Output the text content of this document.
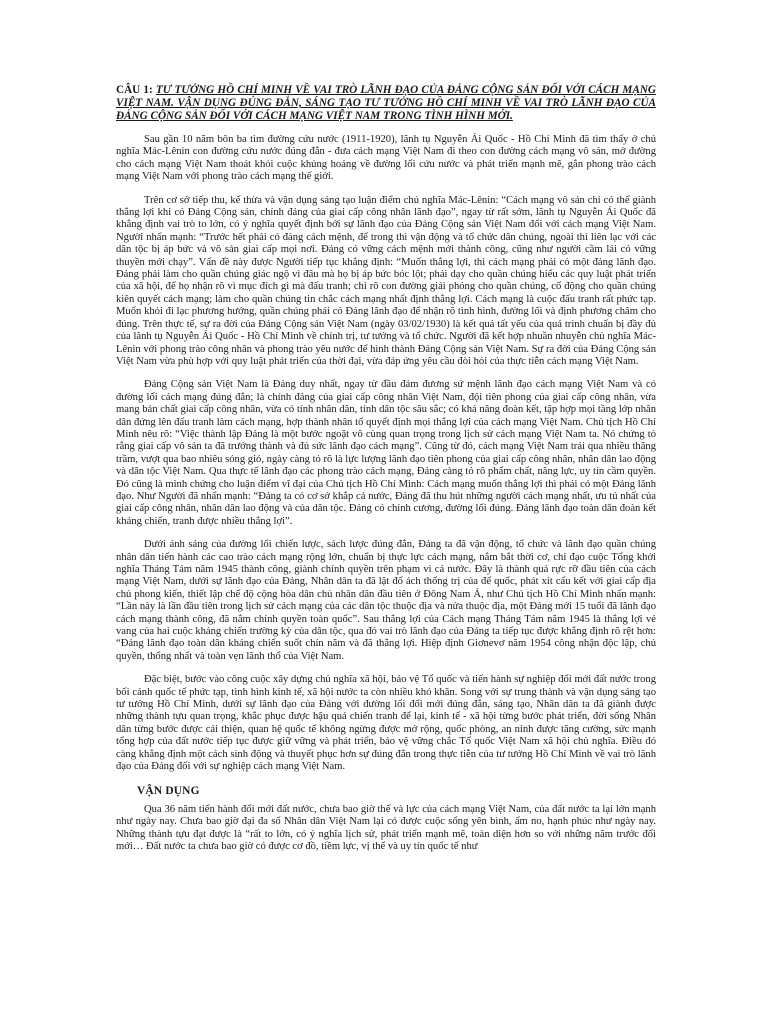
CÂU 1: TƯ TƯỞNG HỒ CHÍ MINH VỀ VAI TRÒ LÃNH ĐẠO CỦA ĐẢNG CỘNG SẢN ĐỐI VỚI CÁCH MẠNG VIỆT NAM. VẬN DỤNG ĐÚNG ĐẮN, SÁNG TẠO TƯ TƯỞNG HỒ CHÍ MINH VỀ VAI TRÒ LÃNH ĐẠO CỦA ĐẢNG CỘNG SẢN ĐỐI VỚI CÁCH MẠNG VIỆT NAM TRONG TÌNH HÌNH MỚI.

Sau gần 10 năm bôn ba tìm đường cứu nước (1911-1920), lãnh tụ Nguyễn Ái Quốc - Hồ Chí Minh đã tìm thấy ở chủ nghĩa Mác-Lênin con đường cứu nước đúng đắn - đưa cách mạng Việt Nam đi theo con đường cách mạng vô sản, mở đường cho cách mạng Việt Nam thoát khỏi cuộc khủng hoảng về đường lối cứu nước và phát triển mạnh mẽ, gắn phong trào cách mạng Việt Nam với phong trào cách mạng thế giới.

Trên cơ sở tiếp thu, kế thừa và vận dụng sáng tạo luận điểm chủ nghĩa Mác-Lênin: “Cách mạng vô sản chỉ có thể giành thắng lợi khi có Đảng Cộng sản, chính đảng của giai cấp công nhân lãnh đạo”, ngay từ rất sớm, lãnh tụ Nguyễn Ái Quốc đã khẳng định vai trò to lớn, có ý nghĩa quyết định bởi sự lãnh đạo của Đảng Cộng sản Việt Nam đối với cách mạng Việt Nam. Người nhấn mạnh: “Trước hết phải có đảng cách mệnh, để trong thì vận động và tổ chức dân chúng, ngoài thì liên lạc với các dân tộc bị áp bức và vô sản giai cấp mọi nơi. Đảng có vững cách mệnh mới thành công, cũng như người cầm lái có vững thuyền mới chạy”. Vấn đề này được Người tiếp tục khẳng định: “Muốn thắng lợi, thì cách mạng phải có một đảng lãnh đạo. Đảng phải làm cho quần chúng giác ngộ vì đâu mà họ bị áp bức bóc lột; phải dạy cho quần chúng hiểu các quy luật phát triển của xã hội, để họ nhận rõ vì mục đích gì mà đấu tranh; chỉ rõ con đường giải phóng cho quần chúng, cổ động cho quần chúng kiên quyết cách mạng; làm cho quần chúng tin chắc cách mạng nhất định thắng lợi. Cách mạng là cuộc đấu tranh rất phức tạp. Muốn khỏi đi lạc phương hướng, quần chúng phải có Đảng lãnh đạo để nhận rõ tình hình, đường lối và định phương châm cho đúng. Trên thực tế, sự ra đời của Đảng Cộng sản Việt Nam (ngày 03/02/1930) là kết quả tất yếu của quá trình chuẩn bị đầy đủ của lãnh tụ Nguyễn Ái Quốc - Hồ Chí Minh về chính trị, tư tưởng và tổ chức. Người đã kết hợp nhuần nhuyễn chủ nghĩa Mác-Lênin với phong trào công nhân và phong trào yêu nước để hình thành Đảng Cộng sản Việt Nam. Sự ra đời của Đảng Cộng sản Việt Nam vừa phù hợp với quy luật phát triển của thời đại, vừa đáp ứng yêu cầu đòi hỏi của thực tiễn cách mạng Việt Nam.

Đảng Cộng sản Việt Nam là Đảng duy nhất, ngay từ đầu đảm đương sứ mệnh lãnh đạo cách mạng Việt Nam và có đường lối cách mạng đúng đắn; là chính đảng của giai cấp công nhân Việt Nam, đội tiên phong của giai cấp công nhân, vừa mang bản chất giai cấp công nhân, vừa có tính nhân dân, tính dân tộc sâu sắc; có khả năng đoàn kết, tập hợp mọi tầng lớp nhân dân đứng lên đấu tranh làm cách mạng, hợp thành nhân tố quyết định mọi thắng lợi của cách mạng Việt Nam. Chủ tịch Hồ Chí Minh nêu rõ: “Việc thành lập Đảng là một bước ngoặt vô cùng quan trọng trong lịch sử cách mạng Việt Nam ta. Nó chứng tỏ rằng giai cấp vô sản ta đã trưởng thành và đủ sức lãnh đạo cách mạng”. Cũng từ đó, cách mạng Việt Nam trải qua nhiều thăng trầm, vượt qua bao nhiêu sóng gió, ngày càng tỏ rõ là lực lượng lãnh đạo tiên phong của giai cấp công nhân, nhân dân lao động và dân tộc Việt Nam. Qua thực tế lãnh đạo các phong trào cách mạng, Đảng càng tỏ rõ phẩm chất, năng lực, uy tín cầm quyền. Đó cũng là minh chứng cho luận điểm vĩ đại của Chủ tịch Hồ Chí Minh: Cách mạng muốn thắng lợi thì phải có một Đảng lãnh đạo. Như Người đã nhấn mạnh: “Đảng ta có cơ sở khắp cả nước, Đảng đã thu hút những người cách mạng nhất, ưu tú nhất của giai cấp công nhân, nhân dân lao động và của dân tộc. Đảng có chính cương, đường lối đúng. Đảng lãnh đạo toàn dân đoàn kết kháng chiến, tranh được nhiều thắng lợi”.

Dưới ánh sáng của đường lối chiến lược, sách lược đúng đắn, Đảng ta đã vận động, tổ chức và lãnh đạo quần chúng nhân dân tiến hành các cao trào cách mạng rộng lớn, chuẩn bị thực lực cách mạng, nắm bắt thời cơ, chỉ đạo cuộc Tổng khởi nghĩa Tháng Tám năm 1945 thành công, giành chính quyền trên phạm vi cả nước. Đây là thành quả rực rỡ đầu tiên của cách mạng Việt Nam, dưới sự lãnh đạo của Đảng, Nhân dân ta đã lật đổ ách thống trị của đế quốc, phát xít cấu kết với giai cấp địa chủ phong kiến, thiết lập chế độ cộng hòa dân chủ nhân dân đầu tiên ở Đông Nam Á, như Chủ tịch Hồ Chí Minh nhấn mạnh: “Lần này là lần đầu tiên trong lịch sử cách mạng của các dân tộc thuộc địa và nửa thuộc địa, một Đảng mới 15 tuổi đã lãnh đạo cách mạng thành công, đã nắm chính quyền toàn quốc”. Sau thắng lợi của Cách mạng Tháng Tám năm 1945 là thắng lợi vẻ vang của hai cuộc kháng chiến trường kỳ của dân tộc, qua đó vai trò lãnh đạo của Đảng ta tiếp tục được khẳng định rõ rệt hơn: “Đảng lãnh đạo toàn dân kháng chiến suốt chín năm và đã thắng lợi. Hiệp định Giơnevơ năm 1954 công nhận độc lập, chủ quyền, thống nhất và toàn vẹn lãnh thổ của Việt Nam.

Đặc biệt, bước vào công cuộc xây dựng chủ nghĩa xã hội, bảo vệ Tổ quốc và tiến hành sự nghiệp đổi mới đất nước trong bối cảnh quốc tế phức tạp, tình hình kinh tế, xã hội nước ta còn nhiều khó khăn. Song với sự trung thành và vận dụng sáng tạo tư tưởng Hồ Chí Minh, dưới sự lãnh đạo của Đảng với đường lối đổi mới đúng đắn, sáng tạo, Nhân dân ta đã giành được những thành tựu quan trọng, khắc phục được hậu quả chiến tranh để lại, kinh tế - xã hội từng bước phát triển, đời sống Nhân dân từng bước được cải thiện, quan hệ quốc tế không ngừng được mở rộng, quốc phòng, an ninh được tăng cường, sức mạnh tổng hợp của đất nước tiếp tục được giữ vững và phát triển, bảo vệ vững chắc Tổ quốc Việt Nam xã hội chủ nghĩa. Điều đó càng khẳng định một cách sinh động và thuyết phục hơn sự đúng đắn trong thực tiễn của tư tưởng Hồ Chí Minh về vai trò lãnh đạo của Đảng đối với sự nghiệp cách mạng Việt Nam.

VẬN DỤNG

Qua 36 năm tiến hành đổi mới đất nước, chưa bao giờ thế và lực của cách mạng Việt Nam, của đất nước ta lại lớn mạnh như ngày nay. Chưa bao giờ đại đa số Nhân dân Việt Nam lại có được cuộc sống yên bình, ấm no, hạnh phúc như ngày nay. Những thành tựu đạt được là “rất to lớn, có ý nghĩa lịch sử, phát triển mạnh mẽ, toàn diện hơn so với những năm trước đổi mới… Đất nước ta chưa bao giờ có được cơ đồ, tiềm lực, vị thế và uy tín quốc tế như
